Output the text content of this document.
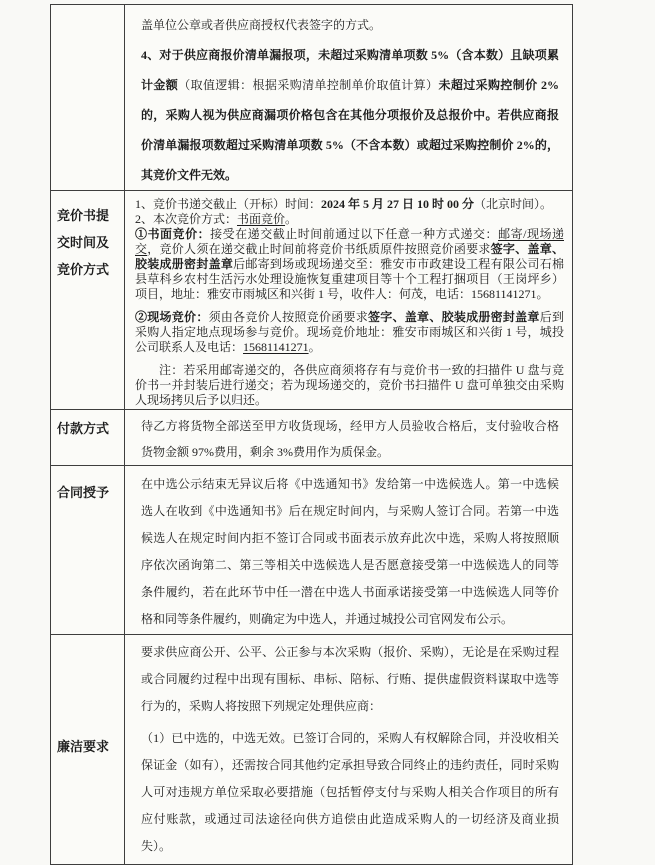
盖单位公章或者供应商授权代表签字的方式。

4、对于供应商报价清单漏报项，未超过采购清单项数 5%（含本数）且缺项累计金额（取值逻辑：根据采购清单控制单价取值计算）未超过采购控制价 2%的，采购人视为供应商漏项价格包含在其他分项报价及总报价中。若供应商报价清单漏报项数超过采购清单项数 5%（不含本数）或超过采购控制价 2%的，其竞价文件无效。

竞价书提交时间及竞价方式

1、竞价书递交截止（开标）时间：2024 年 5 月 27 日 10 时 00 分（北京时间）。

2、本次竞价方式：书面竞价。

①书面竞价：接受在递交截止时间前通过以下任意一种方式递交：邮寄/现场递交，竞价人须在递交截止时间前将竞价书纸质原件按照竞价函要求签字、盖章、胶装成册密封盖章后邮寄到场或现场递交至：雅安市市政建设工程有限公司石棉县草科乡农村生活污水处理设施恢复重建项目等十个工程打捆项目（王岗坪乡）项目，地址：雅安市雨城区和兴街 1 号，收件人：何茂，电话：15681141271。

②现场竞价：须由各竞价人按照竞价函要求签字、盖章、胶装成册密封盖章后到采购人指定地点现场参与竞价。现场竞价地址：雅安市雨城区和兴街 1 号，城投公司联系人及电话：15681141271。

注：若采用邮寄递交的，各供应商须将存有与竞价书一致的扫描件 U 盘与竞价书一并封装后进行递交；若为现场递交的，竞价书扫描件 U 盘可单独交由采购人现场拷贝后予以归还。

付款方式	待乙方将货物全部送至甲方收货现场，经甲方人员验收合格后，支付验收合格货物金额 97%费用，剩余 3%费用作为质保金。

合同授予

在中选公示结束无异议后将《中选通知书》发给第一中选候选人。第一中选候选人在收到《中选通知书》后在规定时间内，与采购人签订合同。若第一中选候选人在规定时间内拒不签订合同或书面表示放弃此次中选，采购人将按照顺序依次函询第二、第三等相关中选候选人是否愿意接受第一中选候选人的同等条件履约，若在此环节中任一潜在中选人书面承诺接受第一中选候选人同等价格和同等条件履约，则确定为中选人，并通过城投公司官网发布公示。

廉洁要求

要求供应商公开、公平、公正参与本次采购（报价、采购），无论是在采购过程或合同履约过程中出现有围标、串标、陪标、行贿、提供虚假资料谋取中选等行为的，采购人将按照下列规定处理供应商：

（1）已中选的，中选无效。已签订合同的，采购人有权解除合同，并没收相关保证金（如有），还需按合同其他约定承担导致合同终止的违约责任，同时采购人可对违规方单位采取必要措施（包括暂停支付与采购人相关合作项目的所有应付账款，或通过司法途径向供方追偿由此造成采购人的一切经济及商业损失）。
